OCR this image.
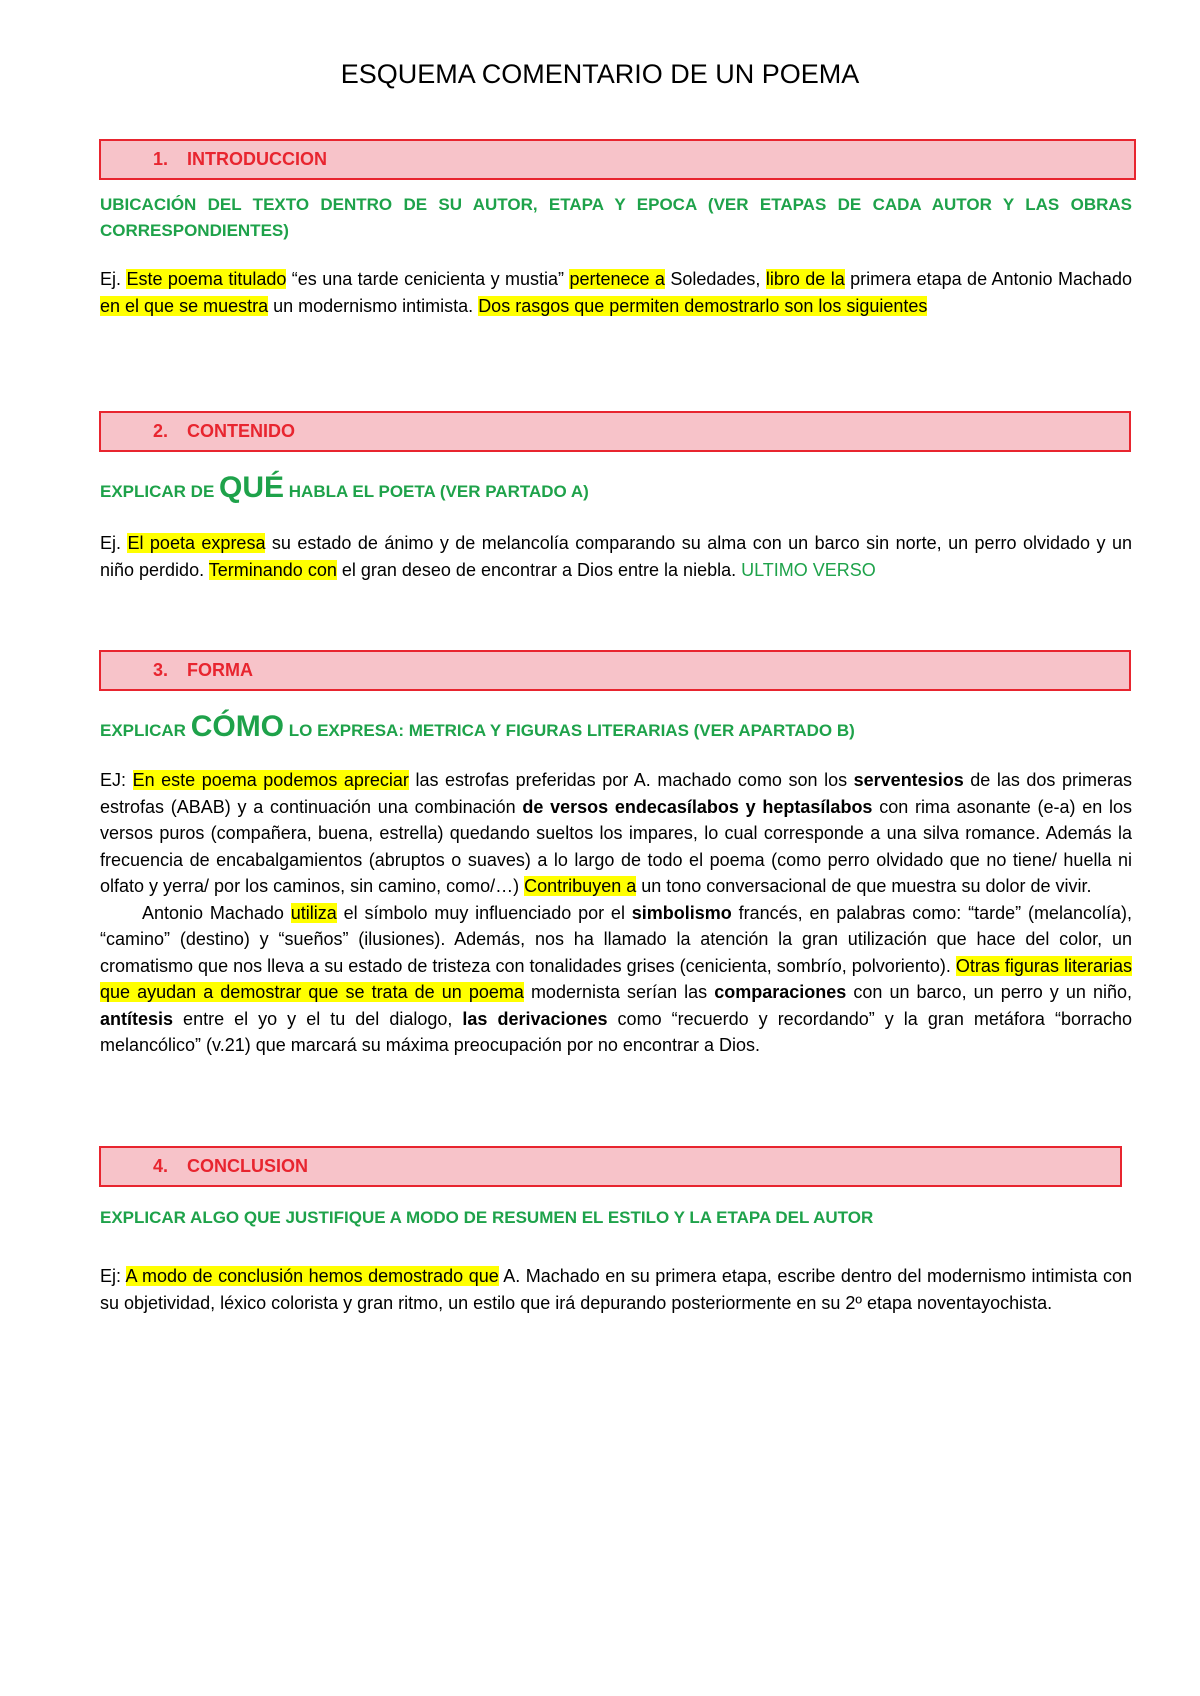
ESQUEMA COMENTARIO DE UN POEMA
1.	INTRODUCCION
UBICACIÓN DEL TEXTO DENTRO DE SU AUTOR, ETAPA Y EPOCA (VER ETAPAS DE CADA AUTOR Y LAS OBRAS CORRESPONDIENTES)

Ej. Este poema titulado “es una tarde cenicienta y mustia” pertenece a Soledades, libro de la primera etapa de Antonio Machado en el que se muestra un modernismo intimista. Dos rasgos que permiten demostrarlo son los siguientes

2.	CONTENIDO
EXPLICAR DE QUÉ HABLA EL POETA (VER PARTADO A)

Ej. El poeta expresa su estado de ánimo y de melancolía comparando su alma con un barco sin norte, un perro olvidado y un niño perdido. Terminando con el gran deseo de encontrar a Dios entre la niebla. ULTIMO VERSO

3.	FORMA
EXPLICAR CÓMO LO EXPRESA: METRICA Y FIGURAS LITERARIAS (VER APARTADO B)

EJ: En este poema podemos apreciar las estrofas preferidas por A. machado como son los serventesios de las dos primeras estrofas (ABAB) y a continuación una combinación de versos endecasílabos y heptasílabos con rima asonante (e-a) en los versos puros (compañera, buena, estrella) quedando sueltos los impares, lo cual corresponde a una silva romance. Además la frecuencia de encabalgamientos (abruptos o suaves) a lo largo de todo el poema (como perro olvidado que no tiene/ huella ni olfato y yerra/ por los caminos, sin camino, como/…) Contribuyen a un tono conversacional de que muestra su dolor de vivir.

Antonio Machado utiliza el símbolo muy influenciado por el simbolismo francés, en palabras como: “tarde” (melancolía), “camino” (destino) y “sueños” (ilusiones). Además, nos ha llamado la atención la gran utilización que hace del color, un cromatismo que nos lleva a su estado de tristeza con tonalidades grises (cenicienta, sombrío, polvoriento). Otras figuras literarias que ayudan a demostrar que se trata de un poema modernista serían las comparaciones con un barco, un perro y un niño, antítesis entre el yo y el tu del dialogo, las derivaciones como “recuerdo y recordando” y la gran metáfora “borracho melancólico” (v.21) que marcará su máxima preocupación por no encontrar a Dios.

4.	CONCLUSION
EXPLICAR ALGO QUE JUSTIFIQUE A MODO DE RESUMEN EL ESTILO Y LA ETAPA DEL AUTOR

Ej: A modo de conclusión hemos demostrado que A. Machado en su primera etapa, escribe dentro del modernismo intimista con su objetividad, léxico colorista y gran ritmo, un estilo que irá depurando posteriormente en su 2º etapa noventayochista.
